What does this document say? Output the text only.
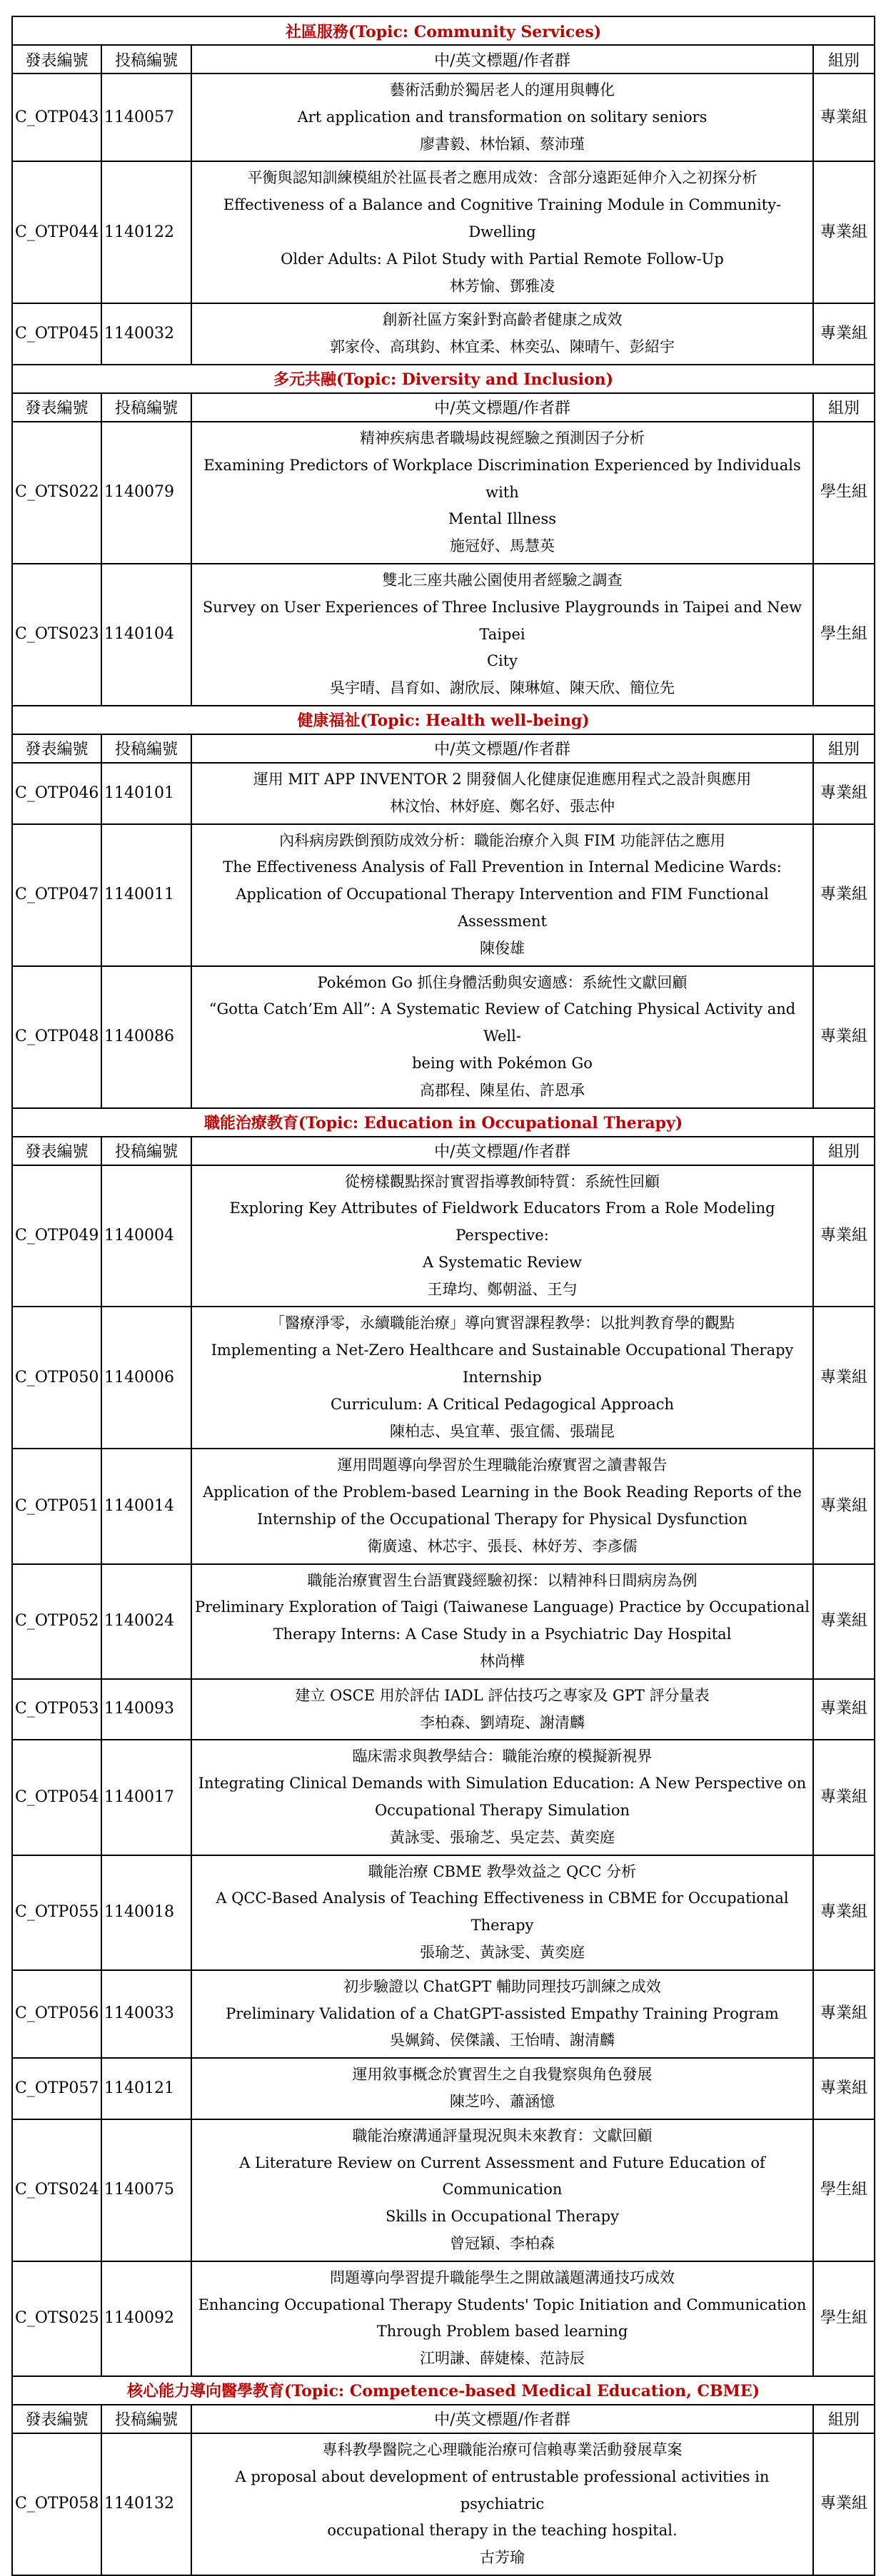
社區服務(Topic: Community Services)			
發表編號	投稿編號	中/英文標題/作者群	組別
C_OTP043	1140057	藝術活動於獨居老人的運用與轉化
Art application and transformation on solitary seniors
廖書毅、林怡穎、蔡沛瑾	專業組
C_OTP044	1140122	平衡與認知訓練模組於社區長者之應用成效：含部分遠距延伸介入之初探分析
Effectiveness of a Balance and Cognitive Training Module in Community-Dwelling
Older Adults: A Pilot Study with Partial Remote Follow-Up
林芳愉、鄧雅凌	專業組
C_OTP045	1140032	創新社區方案針對高齡者健康之成效
郭家伶、高琪鈞、林宜柔、林奕弘、陳晴午、彭紹宇	專業組
多元共融(Topic: Diversity and Inclusion)			
發表編號	投稿編號	中/英文標題/作者群	組別
C_OTS022	1140079	精神疾病患者職場歧視經驗之預測因子分析
Examining Predictors of Workplace Discrimination Experienced by Individuals with
Mental Illness
施冠妤、馬慧英	學生組
C_OTS023	1140104	雙北三座共融公園使用者經驗之調查
Survey on User Experiences of Three Inclusive Playgrounds in Taipei and New Taipei
City
吳宇晴、昌育如、謝欣辰、陳琳媗、陳天欣、簡位先	學生組
健康福祉(Topic: Health well-being)			
發表編號	投稿編號	中/英文標題/作者群	組別
C_OTP046	1140101	運用 MIT APP INVENTOR 2 開發個人化健康促進應用程式之設計與應用
林汶怡、林妤庭、鄭名妤、張志仲	專業組
C_OTP047	1140011	內科病房跌倒預防成效分析：職能治療介入與 FIM 功能評估之應用
The Effectiveness Analysis of Fall Prevention in Internal Medicine Wards:
Application of Occupational Therapy Intervention and FIM Functional Assessment
陳俊雄	專業組
C_OTP048	1140086	Pokémon Go 抓住身體活動與安適感：系統性文獻回顧
“Gotta Catch’Em All”: A Systematic Review of Catching Physical Activity and Well-
being with Pokémon Go
高郡程、陳星佑、許恩承	專業組
職能治療教育(Topic: Education in Occupational Therapy)			
發表編號	投稿編號	中/英文標題/作者群	組別
C_OTP049	1140004	從榜樣觀點探討實習指導教師特質：系統性回顧
Exploring Key Attributes of Fieldwork Educators From a Role Modeling Perspective:
A Systematic Review
王瑋均、鄭朝溢、王勻	專業組
C_OTP050	1140006	「醫療淨零，永續職能治療」導向實習課程教學：以批判教育學的觀點
Implementing a Net-Zero Healthcare and Sustainable Occupational Therapy Internship
Curriculum: A Critical Pedagogical Approach
陳柏志、吳宜華、張宜儒、張瑞昆	專業組
C_OTP051	1140014	運用問題導向學習於生理職能治療實習之讀書報告
Application of the Problem-based Learning in the Book Reading Reports of the
Internship of the Occupational Therapy for Physical Dysfunction
衛廣遠、林芯宇、張長、林妤芳、李彥儒	專業組
C_OTP052	1140024	職能治療實習生台語實踐經驗初探：以精神科日間病房為例
Preliminary Exploration of Taigi (Taiwanese Language) Practice by Occupational
Therapy Interns: A Case Study in a Psychiatric Day Hospital
林尚樺	專業組
C_OTP053	1140093	建立 OSCE 用於評估 IADL 評估技巧之專家及 GPT 評分量表
李柏森、劉靖琁、謝清麟	專業組
C_OTP054	1140017	臨床需求與教學結合：職能治療的模擬新視界
Integrating Clinical Demands with Simulation Education: A New Perspective on
Occupational Therapy Simulation
黃詠雯、張瑜芝、吳定芸、黃奕庭	專業組
C_OTP055	1140018	職能治療 CBME 教學效益之 QCC 分析
A QCC-Based Analysis of Teaching Effectiveness in CBME for Occupational
Therapy
張瑜芝、黃詠雯、黃奕庭	專業組
C_OTP056	1140033	初步驗證以 ChatGPT 輔助同理技巧訓練之成效
Preliminary Validation of a ChatGPT-assisted Empathy Training Program
吳姵錡、侯傑議、王怡晴、謝清麟	專業組
C_OTP057	1140121	運用敘事概念於實習生之自我覺察與角色發展
陳芝吟、蕭涵憶	專業組
C_OTS024	1140075	職能治療溝通評量現況與未來教育：文獻回顧
A Literature Review on Current Assessment and Future Education of Communication
Skills in Occupational Therapy
曾冠穎、李柏森	學生組
C_OTS025	1140092	問題導向學習提升職能學生之開啟議題溝通技巧成效
Enhancing Occupational Therapy Students' Topic Initiation and Communication
Through Problem based learning
江明謙、薛婕榛、范詩辰	學生組
核心能力導向醫學教育(Topic: Competence-based Medical Education, CBME)			
發表編號	投稿編號	中/英文標題/作者群	組別
C_OTP058	1140132	專科教學醫院之心理職能治療可信賴專業活動發展草案
A proposal about development of entrustable professional activities in psychiatric
occupational therapy in the teaching hospital.
古芳瑜	專業組
